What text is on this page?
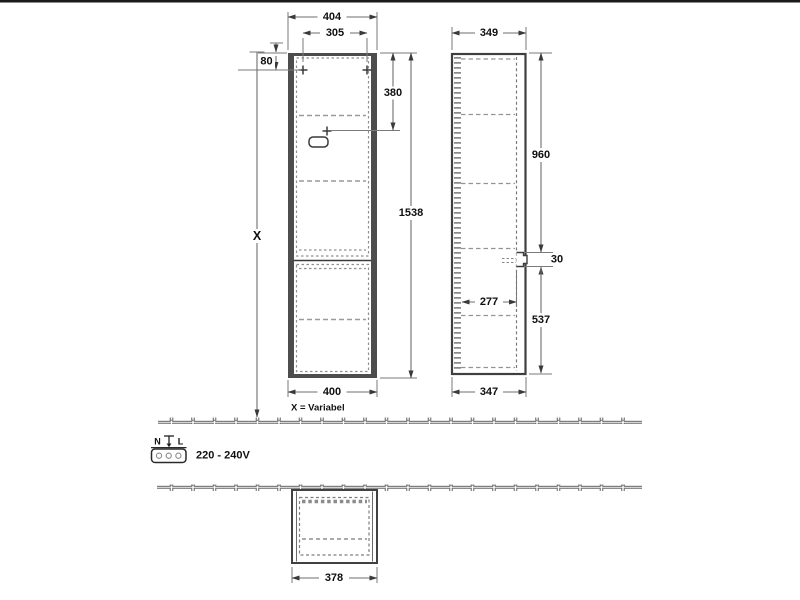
404
305
80
380
1538
X
400
X = Variabel
349
960
30
277
537
347
N L
220 - 240V
378
